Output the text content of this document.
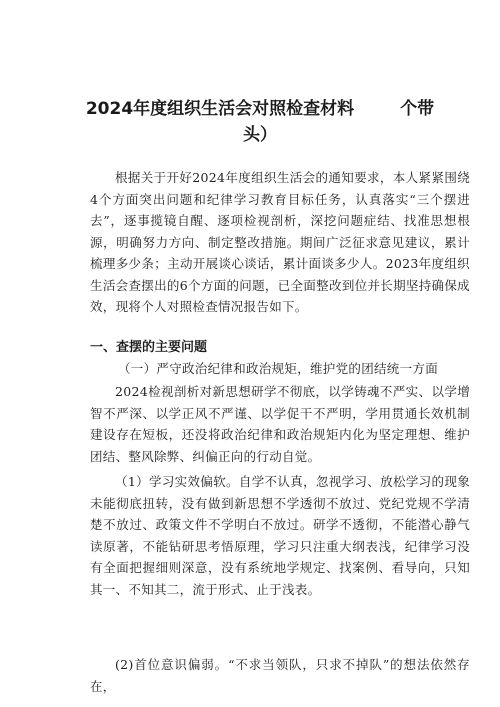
2024年度组织生活会对照检查材料	个带
头）
根据关于开好2024年度组织生活会的通知要求，本人紧紧围绕4个方面突出问题和纪律学习教育目标任务，认真落实“三个摆进去”，逐事揽镜自醒、逐项检视剖析，深挖问题症结、找准思想根源，明确努力方向、制定整改措施。期间广泛征求意见建议，累计梳理多少条；主动开展谈心谈话，累计面谈多少人。2023年度组织生活会查摆出的6个方面的问题，已全面整改到位并长期坚持确保成效，现将个人对照检查情况报告如下。
一、查摆的主要问题
（一）严守政治纪律和政治规矩，维护党的团结统一方面
2024检视剖析对新思想研学不彻底，以学铸魂不严实、以学增智不严深、以学正风不严谨、以学促干不严明，学用贯通长效机制建设存在短板，还没将政治纪律和政治规矩内化为坚定理想、维护团结、整风除弊、纠偏正向的行动自觉。
（1）学习实效偏软。自学不认真，忽视学习、放松学习的现象未能彻底扭转，没有做到新思想不学透彻不放过、党纪党规不学清楚不放过、政策文件不学明白不放过。研学不透彻，不能潜心静气读原著，不能钻研思考悟原理，学习只注重大纲表浅，纪律学习没有全面把握细则深意，没有系统地学规定、找案例、看导向，只知其一、不知其二，流于形式、止于浅表。
(2)首位意识偏弱。“不求当领队，只求不掉队”的想法依然存在，
